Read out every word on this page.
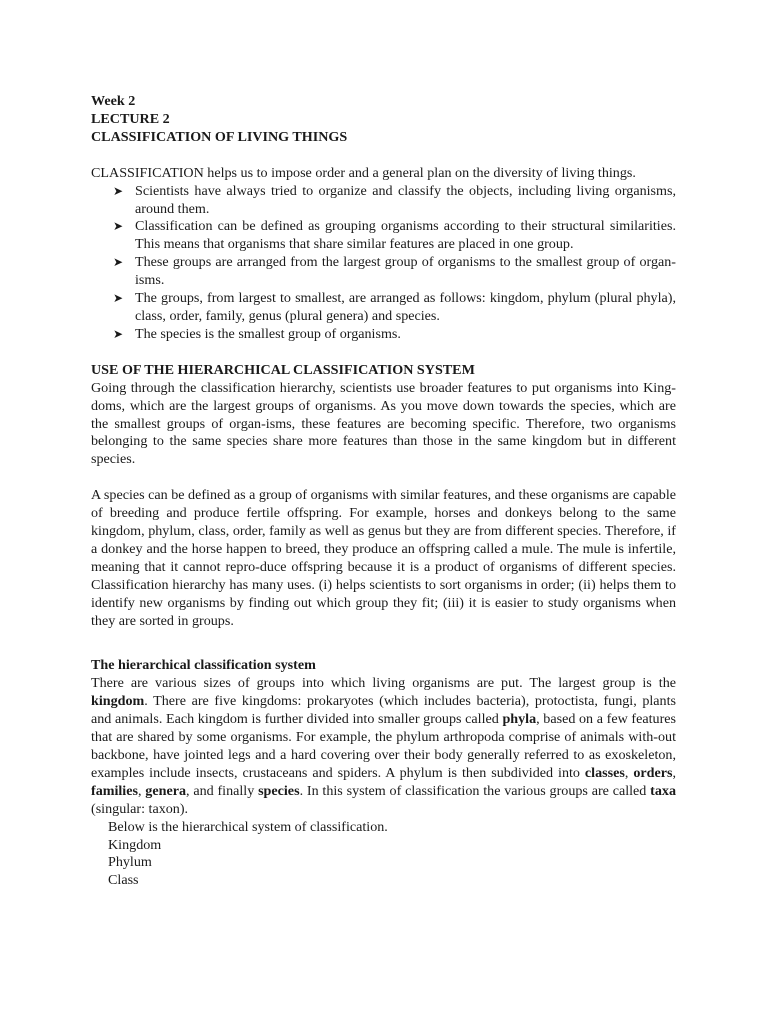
Week 2

LECTURE 2

CLASSIFICATION OF LIVING THINGS

CLASSIFICATION helps us to impose order and a general plan on the diversity of living things.

➤ Scientists have always tried to organize and classify the objects, including living organisms, around them.
➤ Classification can be defined as grouping organisms according to their structural similarities. This means that organisms that share similar features are placed in one group.
➤ These groups are arranged from the largest group of organisms to the smallest group of organ-isms.
➤ The groups, from largest to smallest, are arranged as follows: kingdom, phylum (plural phyla), class, order, family, genus (plural genera) and species.
➤ The species is the smallest group of organisms.

USE OF THE HIERARCHICAL CLASSIFICATION SYSTEM

Going through the classification hierarchy, scientists use broader features to put organisms into King-doms, which are the largest groups of organisms. As you move down towards the species, which are the smallest groups of organ-isms, these features are becoming specific. Therefore, two organisms belonging to the same species share more features than those in the same kingdom but in different species.

A species can be defined as a group of organisms with similar features, and these organisms are capable of breeding and produce fertile offspring. For example, horses and donkeys belong to the same kingdom, phylum, class, order, family as well as genus but they are from different species. Therefore, if a donkey and the horse happen to breed, they produce an offspring called a mule. The mule is infertile, meaning that it cannot repro-duce offspring because it is a product of organisms of different species. Classification hierarchy has many uses. (i) helps scientists to sort organisms in order; (ii) helps them to identify new organisms by finding out which group they fit; (iii) it is easier to study organisms when they are sorted in groups.

The hierarchical classification system

There are various sizes of groups into which living organisms are put. The largest group is the kingdom. There are five kingdoms: prokaryotes (which includes bacteria), protoctista, fungi, plants and animals. Each kingdom is further divided into smaller groups called phyla, based on a few features that are shared by some organisms. For example, the phylum arthropoda comprise of animals with-out backbone, have jointed legs and a hard covering over their body generally referred to as exoskeleton, examples include insects, crustaceans and spiders. A phylum is then subdivided into classes, orders, families, genera, and finally species. In this system of classification the various groups are called taxa (singular: taxon).

Below is the hierarchical system of classification.

Kingdom

Phylum

Class
